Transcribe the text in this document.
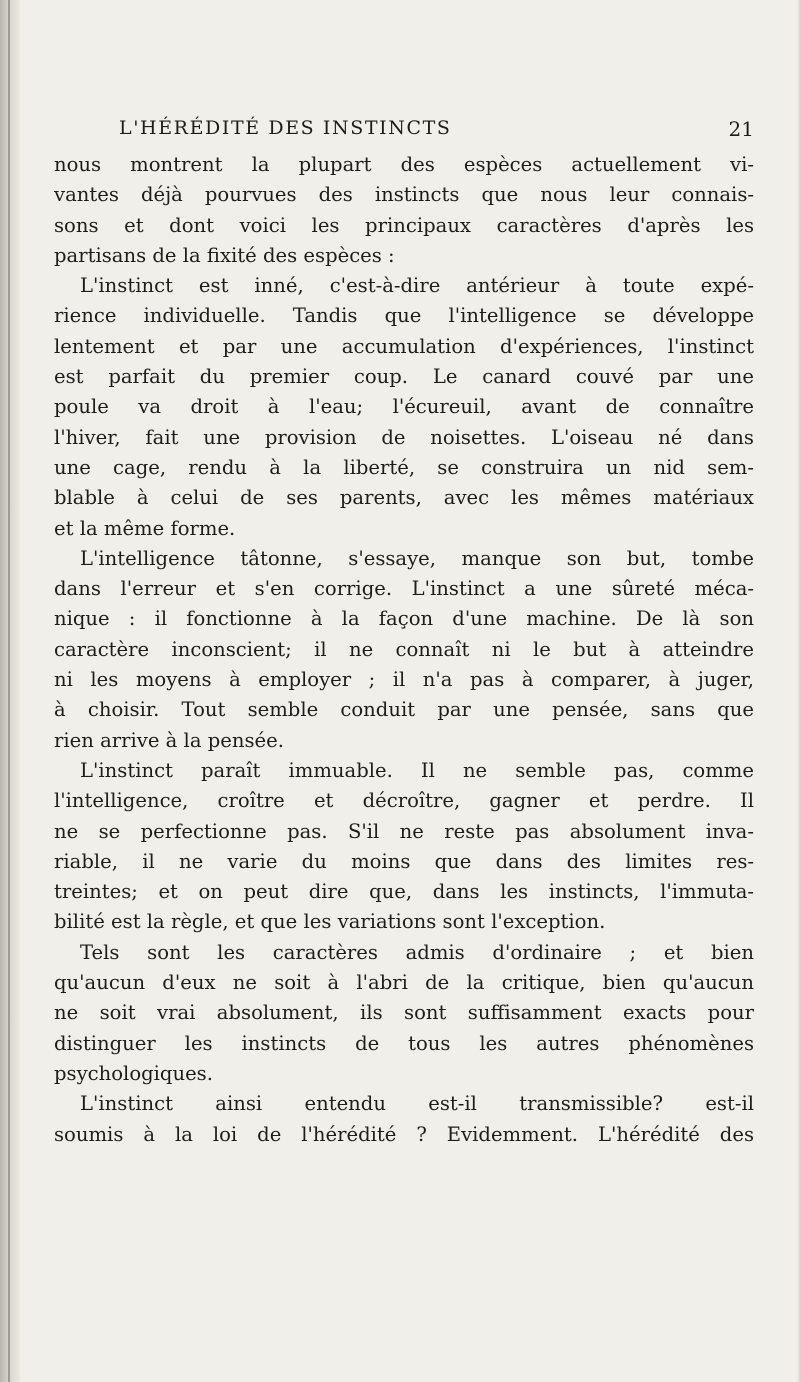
L'HÉRÉDITÉ DES INSTINCTS	21
nous montrent la plupart des espèces actuellement vi-
vantes déjà pourvues des instincts que nous leur connais-
sons et dont voici les principaux caractères d'après les
partisans de la fixité des espèces :
L'instinct est inné, c'est-à-dire antérieur à toute expé-
rience individuelle. Tandis que l'intelligence se développe
lentement et par une accumulation d'expériences, l'instinct
est parfait du premier coup. Le canard couvé par une
poule va droit à l'eau; l'écureuil, avant de connaître
l'hiver, fait une provision de noisettes. L'oiseau né dans
une cage, rendu à la liberté, se construira un nid sem-
blable à celui de ses parents, avec les mêmes matériaux
et la même forme.
L'intelligence tâtonne, s'essaye, manque son but, tombe
dans l'erreur et s'en corrige. L'instinct a une sûreté méca-
nique : il fonctionne à la façon d'une machine. De là son
caractère inconscient; il ne connaît ni le but à atteindre
ni les moyens à employer ; il n'a pas à comparer, à juger,
à choisir. Tout semble conduit par une pensée, sans que
rien arrive à la pensée.
L'instinct paraît immuable. Il ne semble pas, comme
l'intelligence, croître et décroître, gagner et perdre. Il
ne se perfectionne pas. S'il ne reste pas absolument inva-
riable, il ne varie du moins que dans des limites res-
treintes; et on peut dire que, dans les instincts, l'immuta-
bilité est la règle, et que les variations sont l'exception.
Tels sont les caractères admis d'ordinaire ; et bien
qu'aucun d'eux ne soit à l'abri de la critique, bien qu'aucun
ne soit vrai absolument, ils sont suffisamment exacts pour
distinguer les instincts de tous les autres phénomènes
psychologiques.
L'instinct ainsi entendu est-il transmissible? est-il
soumis à la loi de l'hérédité ? Evidemment. L'hérédité des
